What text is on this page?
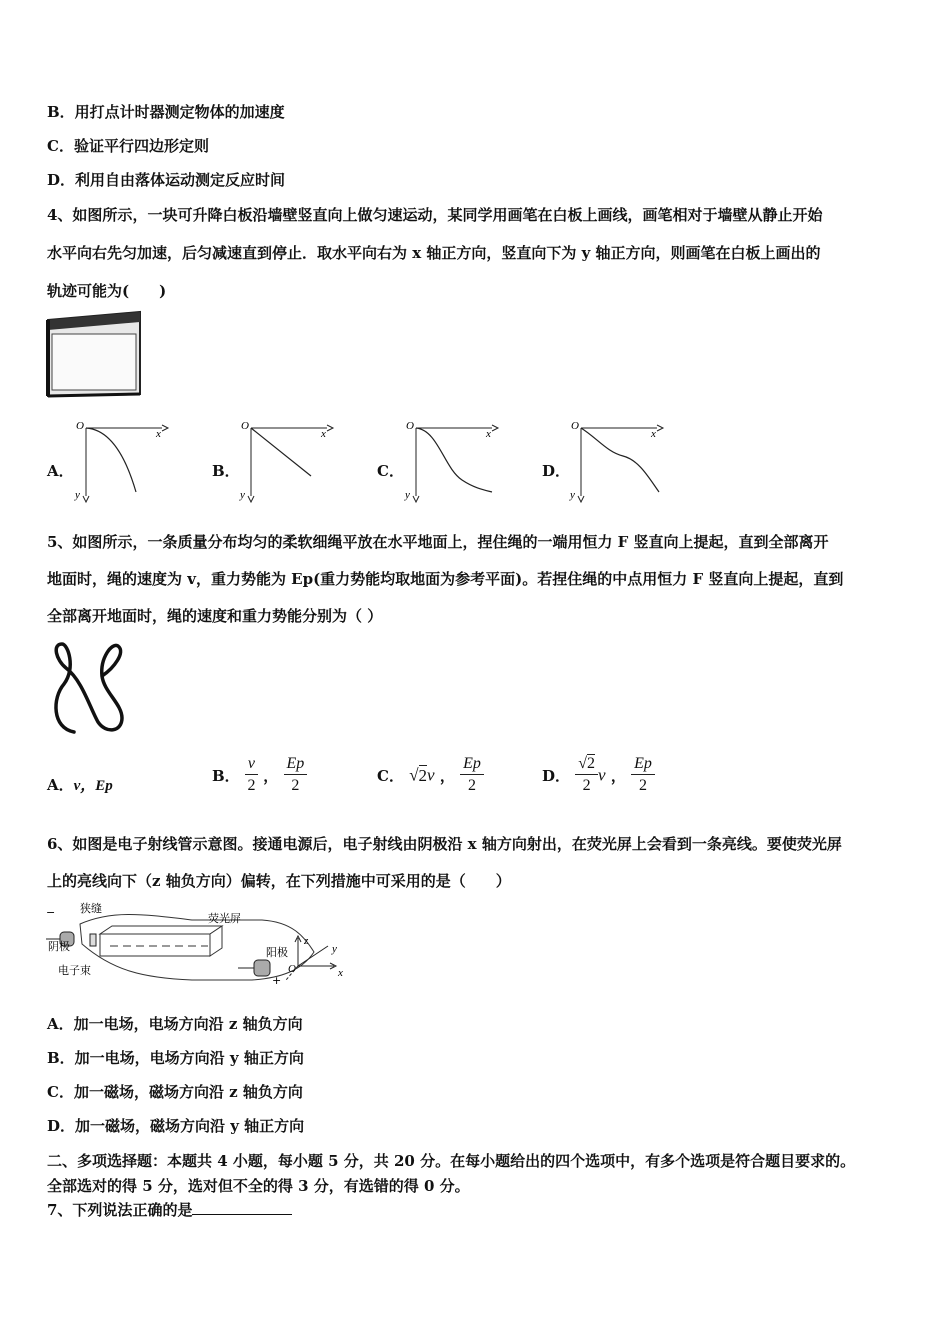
B．用打点计时器测定物体的加速度
C．验证平行四边形定则
D．利用自由落体运动测定反应时间
4、如图所示，一块可升降白板沿墙壁竖直向上做匀速运动，某同学用画笔在白板上画线，画笔相对于墙壁从静止开始
水平向右先匀加速，后匀减速直到停止．取水平向右为 x 轴正方向，竖直向下为 y 轴正方向，则画笔在白板上画出的
轨迹可能为(　　)
A．	B．	C．	D．
O
x
y
O
x
y
O
x
y
O
x
y
5、如图所示，一条质量分布均匀的柔软细绳平放在水平地面上，捏住绳的一端用恒力 F 竖直向上提起，直到全部离开
地面时，绳的速度为 v，重力势能为 Ep(重力势能均取地面为参考平面)。若捏住绳的中点用恒力 F 竖直向上提起，直到
全部离开地面时，绳的速度和重力势能分别为（ ）
A．v，Ep
B． $\frac{v}{2}$ ， $\frac{Ep}{2}$	C． √2v ， $\frac{Ep}{2}$	D． $\frac{√2}{2}$ v ， $\frac{Ep}{2}$
6、如图是电子射线管示意图。接通电源后，电子射线由阴极沿 x 轴方向射出，在荧光屏上会看到一条亮线。要使荧光屏
上的亮线向下（z 轴负方向）偏转，在下列措施中可采用的是（　　）
− 狭缝
荧光屏
阴极	阳极
电子束
+
z
y
x
O
A．加一电场，电场方向沿 z 轴负方向
B．加一电场，电场方向沿 y 轴正方向
C．加一磁场，磁场方向沿 z 轴负方向
D．加一磁场，磁场方向沿 y 轴正方向
二、多项选择题：本题共 4 小题，每小题 5 分，共 20 分。在每小题给出的四个选项中，有多个选项是符合题目要求的。
全部选对的得 5 分，选对但不全的得 3 分，有选错的得 0 分。
7、下列说法正确的是
